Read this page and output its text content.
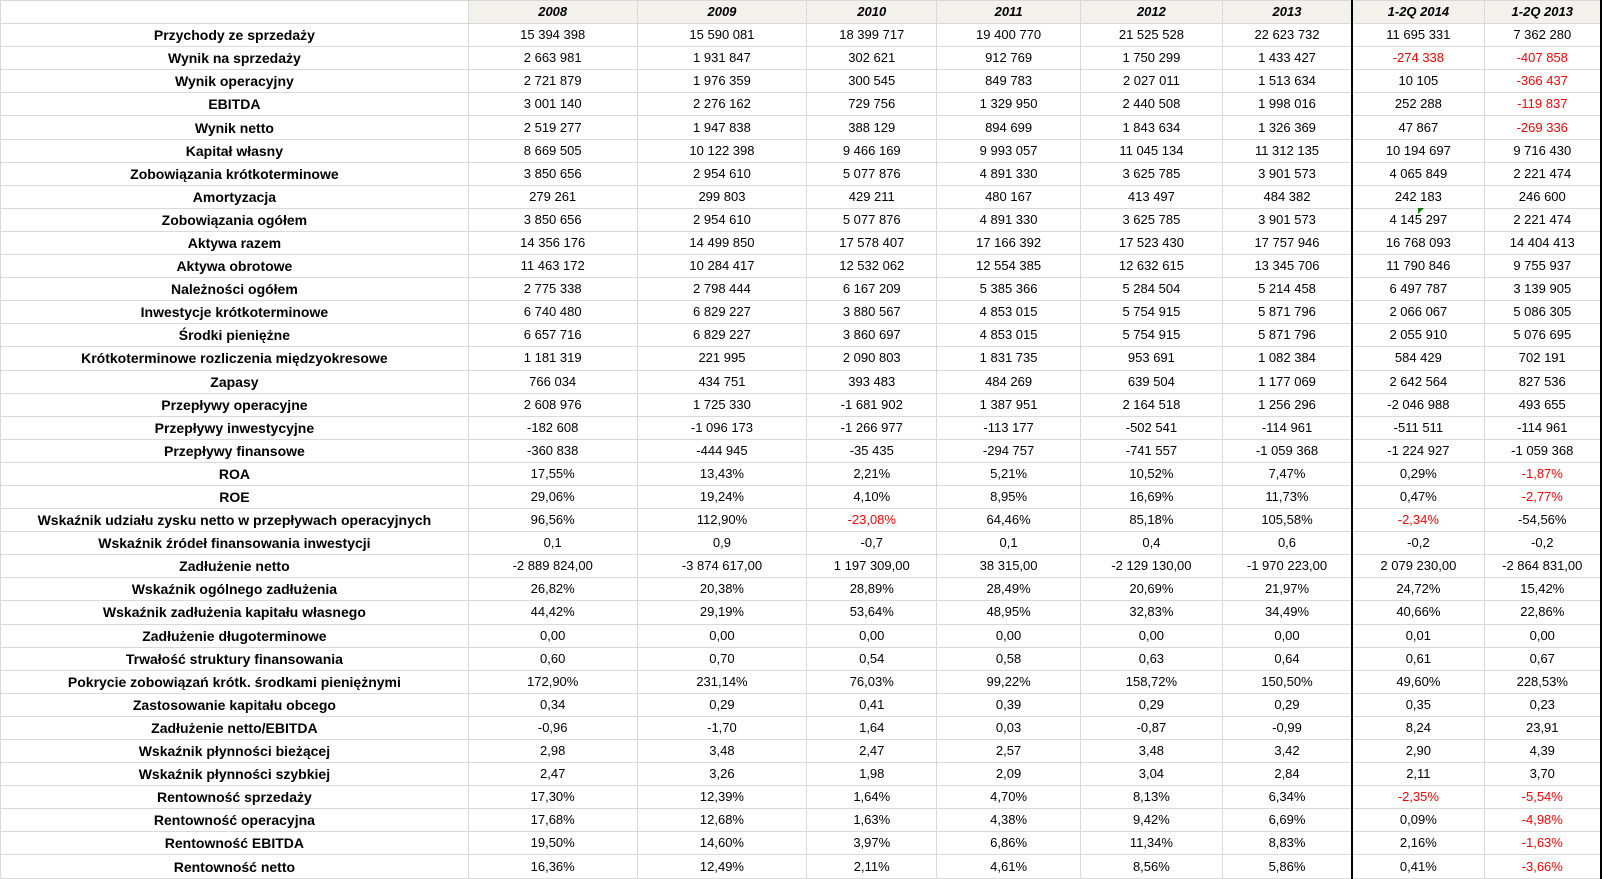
	2008	2009	2010	2011	2012	2013	1-2Q 2014	1-2Q 2013
Przychody ze sprzedaży	15 394 398	15 590 081	18 399 717	19 400 770	21 525 528	22 623 732	11 695 331	7 362 280
Wynik na sprzedaży	2 663 981	1 931 847	302 621	912 769	1 750 299	1 433 427	-274 338	-407 858
Wynik operacyjny	2 721 879	1 976 359	300 545	849 783	2 027 011	1 513 634	10 105	-366 437
EBITDA	3 001 140	2 276 162	729 756	1 329 950	2 440 508	1 998 016	252 288	-119 837
Wynik netto	2 519 277	1 947 838	388 129	894 699	1 843 634	1 326 369	47 867	-269 336
Kapitał własny	8 669 505	10 122 398	9 466 169	9 993 057	11 045 134	11 312 135	10 194 697	9 716 430
Zobowiązania krótkoterminowe	3 850 656	2 954 610	5 077 876	4 891 330	3 625 785	3 901 573	4 065 849	2 221 474
Amortyzacja	279 261	299 803	429 211	480 167	413 497	484 382	242 183	246 600
Zobowiązania ogółem	3 850 656	2 954 610	5 077 876	4 891 330	3 625 785	3 901 573	4 145 297	2 221 474
Aktywa razem	14 356 176	14 499 850	17 578 407	17 166 392	17 523 430	17 757 946	16 768 093	14 404 413
Aktywa obrotowe	11 463 172	10 284 417	12 532 062	12 554 385	12 632 615	13 345 706	11 790 846	9 755 937
Należności ogółem	2 775 338	2 798 444	6 167 209	5 385 366	5 284 504	5 214 458	6 497 787	3 139 905
Inwestycje krótkoterminowe	6 740 480	6 829 227	3 880 567	4 853 015	5 754 915	5 871 796	2 066 067	5 086 305
Środki pieniężne	6 657 716	6 829 227	3 860 697	4 853 015	5 754 915	5 871 796	2 055 910	5 076 695
Krótkoterminowe rozliczenia międzyokresowe	1 181 319	221 995	2 090 803	1 831 735	953 691	1 082 384	584 429	702 191
Zapasy	766 034	434 751	393 483	484 269	639 504	1 177 069	2 642 564	827 536
Przepływy operacyjne	2 608 976	1 725 330	-1 681 902	1 387 951	2 164 518	1 256 296	-2 046 988	493 655
Przepływy inwestycyjne	-182 608	-1 096 173	-1 266 977	-113 177	-502 541	-114 961	-511 511	-114 961
Przepływy finansowe	-360 838	-444 945	-35 435	-294 757	-741 557	-1 059 368	-1 224 927	-1 059 368
ROA	17,55%	13,43%	2,21%	5,21%	10,52%	7,47%	0,29%	-1,87%
ROE	29,06%	19,24%	4,10%	8,95%	16,69%	11,73%	0,47%	-2,77%
Wskaźnik udziału zysku netto w przepływach operacyjnych	96,56%	112,90%	-23,08%	64,46%	85,18%	105,58%	-2,34%	-54,56%
Wskaźnik źródeł finansowania inwestycji	0,1	0,9	-0,7	0,1	0,4	0,6	-0,2	-0,2
Zadłużenie netto	-2 889 824,00	-3 874 617,00	1 197 309,00	38 315,00	-2 129 130,00	-1 970 223,00	2 079 230,00	-2 864 831,00
Wskaźnik ogólnego zadłużenia	26,82%	20,38%	28,89%	28,49%	20,69%	21,97%	24,72%	15,42%
Wskaźnik zadłużenia kapitału własnego	44,42%	29,19%	53,64%	48,95%	32,83%	34,49%	40,66%	22,86%
Zadłużenie długoterminowe	0,00	0,00	0,00	0,00	0,00	0,00	0,01	0,00
Trwałość struktury finansowania	0,60	0,70	0,54	0,58	0,63	0,64	0,61	0,67
Pokrycie zobowiązań krótk. środkami pieniężnymi	172,90%	231,14%	76,03%	99,22%	158,72%	150,50%	49,60%	228,53%
Zastosowanie kapitału obcego	0,34	0,29	0,41	0,39	0,29	0,29	0,35	0,23
Zadłużenie netto/EBITDA	-0,96	-1,70	1,64	0,03	-0,87	-0,99	8,24	23,91
Wskaźnik płynności bieżącej	2,98	3,48	2,47	2,57	3,48	3,42	2,90	4,39
Wskaźnik płynności szybkiej	2,47	3,26	1,98	2,09	3,04	2,84	2,11	3,70
Rentowność sprzedaży	17,30%	12,39%	1,64%	4,70%	8,13%	6,34%	-2,35%	-5,54%
Rentowność operacyjna	17,68%	12,68%	1,63%	4,38%	9,42%	6,69%	0,09%	-4,98%
Rentowność EBITDA	19,50%	14,60%	3,97%	6,86%	11,34%	8,83%	2,16%	-1,63%
Rentowność netto	16,36%	12,49%	2,11%	4,61%	8,56%	5,86%	0,41%	-3,66%
